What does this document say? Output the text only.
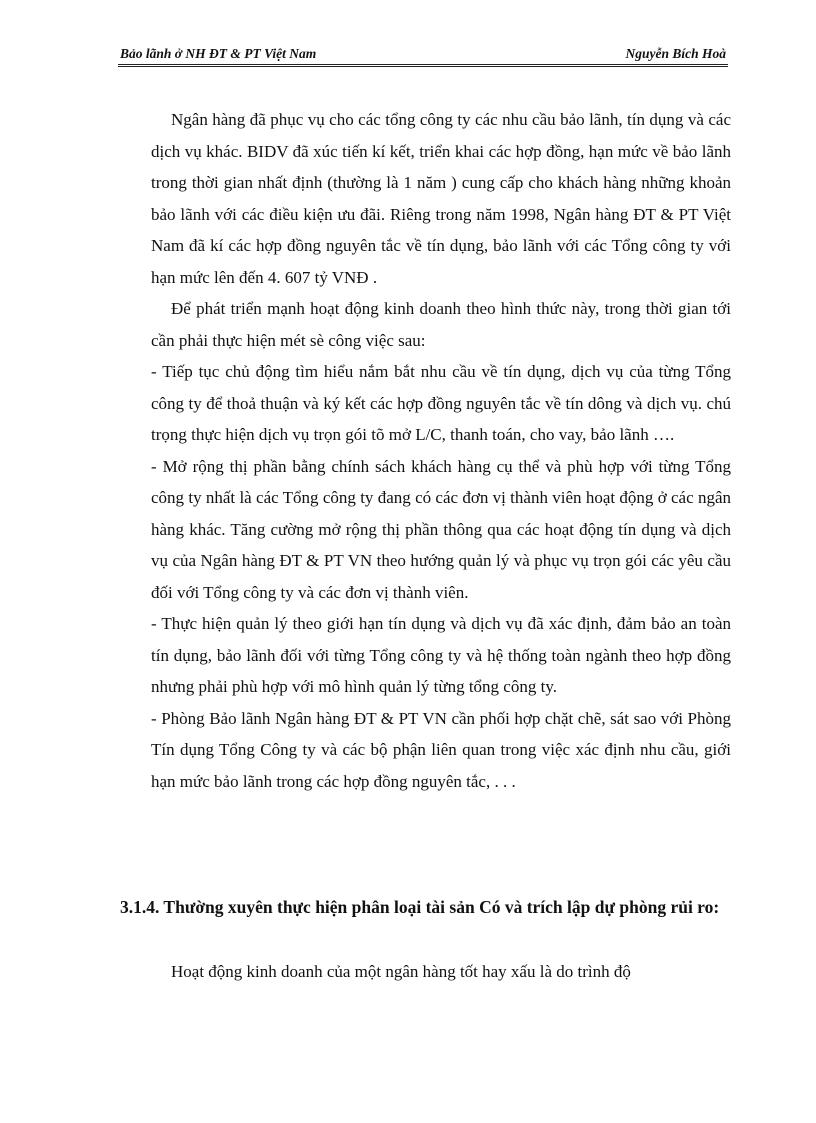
Bảo lãnh ở NH ĐT & PT Việt Nam	Nguyễn Bích Hoà

Ngân hàng đã phục vụ cho các tổng công ty các nhu cầu bảo lãnh, tín dụng và các dịch vụ khác. BIDV đã xúc tiến kí kết, triển khai các hợp đồng, hạn mức về bảo lãnh trong thời gian nhất định (thường là 1 năm ) cung cấp cho khách hàng những khoản bảo lãnh với các điều kiện ưu đãi. Riêng trong năm 1998, Ngân hàng ĐT & PT Việt Nam đã kí các hợp đồng nguyên tắc về tín dụng, bảo lãnh với các Tổng công ty với hạn mức lên đến 4. 607 tỷ VNĐ .

Để phát triển mạnh hoạt động kinh doanh theo hình thức này, trong thời gian tới cần phải thực hiện mét sè công việc sau:

- Tiếp tục chủ động tìm hiểu nắm bắt nhu cầu về tín dụng, dịch vụ của từng Tổng công ty để thoả thuận và ký kết các hợp đồng nguyên tắc về tín dông và dịch vụ. chú trọng thực hiện dịch vụ trọn gói tõ mở L/C, thanh toán, cho vay, bảo lãnh ….

- Mở rộng thị phần bằng chính sách khách hàng cụ thể và phù hợp với từng Tổng công ty nhất là các Tổng công ty đang có các đơn vị thành viên hoạt động ở các ngân hàng khác. Tăng cường mở rộng thị phần thông qua các hoạt động tín dụng và dịch vụ của Ngân hàng ĐT & PT VN theo hướng quản lý và phục vụ trọn gói các yêu cầu đối với Tổng công ty và các đơn vị thành viên.

- Thực hiện quản lý theo giới hạn tín dụng và dịch vụ đã xác định, đảm bảo an toàn tín dụng, bảo lãnh đối với từng Tổng công ty và hệ thống toàn ngành theo hợp đồng nhưng phải phù hợp với mô hình quản lý từng tổng công ty.

- Phòng Bảo lãnh Ngân hàng ĐT & PT VN cần phối hợp chặt chẽ, sát sao với Phòng Tín dụng Tổng Công ty và các bộ phận liên quan trong việc xác định nhu cầu, giới hạn mức bảo lãnh trong các hợp đồng nguyên tắc, . . .

3.1.4. Thường xuyên thực hiện phân loại tài sản Có và trích lập dự phòng rủi ro:

Hoạt động kinh doanh của một ngân hàng tốt hay xấu là do trình độ
